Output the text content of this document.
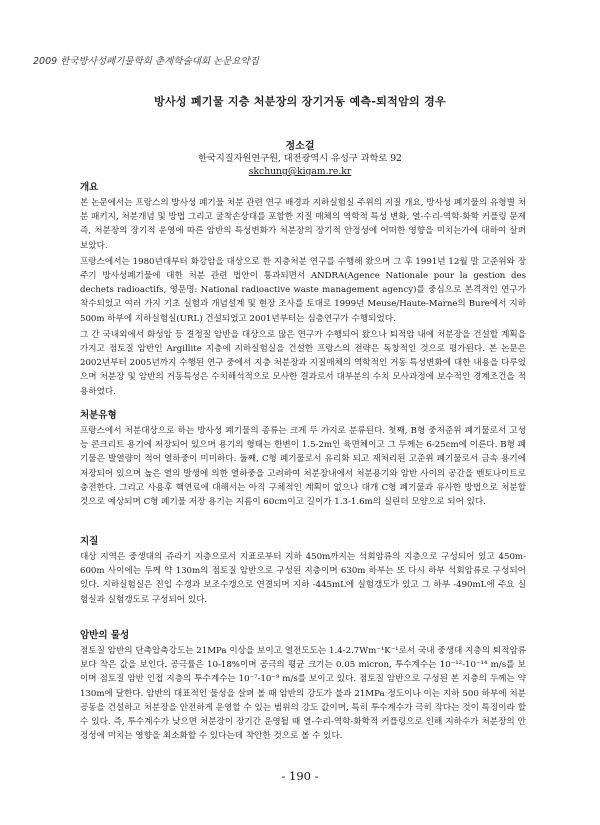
2009 한국방사성폐기물학회 춘계학술대회 논문요약집
방사성 폐기물 지층 처분장의 장기거동 예측-퇴적암의 경우
정소걸
한국지질자원연구원, 대전광역시 유성구 과학로 92
skchung@kigam.re.kr
개요

본 논문에서는 프랑스의 방사성 폐기물 처분 관련 연구 배경과 지하실험실 주위의 지질 개요, 방사성 폐기물의 유형별 처분 패키지, 처분개념 및 방법 그리고 굴착손상대를 포함한 지질 매체의 역학적 특성 변화, 열-수리-역학-화학 커플링 문제 즉, 처분장의 장기적 운영에 따른 암반의 특성변화가 처분장의 장기적 안정성에 어떠한 영향을 미치는가에 대하여 살펴보았다.

프랑스에서는 1980년대부터 화강암을 대상으로 한 지층처분 연구를 수행해 왔으며 그 후 1991년 12월 말 고준위와 장주기 방사성폐기물에 대한 처분 관련 법안이 통과되면서 ANDRA(Agence Nationale pour la gestion des dechets radioactifs, 영문명: National radioactive waste management agency)를 중심으로 본격적인 연구가 착수되었고 여러 가지 기초 실험과 개념설계 및 현장 조사를 토대로 1999년 Meuse/Haute-Marne의 Bure에서 지하 500m 하부에 지하실험실(URL) 건설되었고 2001년부터는 심층연구가 수행되었다.

그 간 국내외에서 화성암 등 결정질 암반을 대상으로 많은 연구가 수행되어 왔으나 퇴적암 내에 처분장을 건설할 계획을 가지고 점토질 암반인 Argillite 지층에 지하실험실을 건설한 프랑스의 전략은 독창적인 것으로 평가된다. 본 논문은 2002년부터 2005년까지 수행된 연구 중에서 지층 처분장과 지질매체의 역학적인 거동 특성변화에 대한 내용을 다루었으며 처분장 및 암반의 거동특성은 수치해석적으로 모사한 결과로서 대부분의 수치 모사과정에 보수적인 경계조건을 적용하였다.

처분유형

프랑스에서 처분대상으로 하는 방사성 폐기물의 종류는 크게 두 가지로 분류된다. 첫째, B형 중저준위 폐기물로서 고성능 콘크리트 용기에 저장되어 있으며 용기의 형태는 한변이 1.5-2m인 육면체이고 그 두께는 6-25cm에 이른다. B형 폐기물은 발열량이 적어 열하중이 미미하다. 둘째, C형 폐기물로서 유리화 되고 재처리된 고준위 폐기물로서 금속 용기에 저장되어 있으며 높은 열의 발생에 의한 열하중을 고려하여 처분장내에서 처분용기와 암반 사이의 공간을 벤토나이트로 충전한다. 그리고 사용후 핵연료에 대해서는 아직 구체적인 계획이 없으나 대개 C형 폐기물과 유사한 방법으로 처분할 것으로 예상되며 C형 폐기물 저장 용기는 지름이 60cm이고 길이가 1.3-1.6m의 실린더 모양으로 되어 있다.

지질

대상 지역은 중생대의 쥬라기 지층으로서 지표로부터 지하 450m까지는 석회암류의 지층으로 구성되어 있고 450m-600m 사이에는 두께 약 130m의 점토질 암반으로 구성된 지층이며 630m 하부는 또 다시 하부 석회암류로 구성되어 있다. 지하실험실은 진입 수갱과 보조수갱으로 연결되며 지하 -445mL에 실험갱도가 있고 그 하부 -490mL에 주요 실험실과 실험갱도로 구성되어 있다.

암반의 물성

점토질 암반의 단축압축강도는 21MPa 이상을 보이고 열전도도는 1.4-2.7Wm⁻¹K⁻¹로서 국내 중생대 지층의 퇴적암류 보다 작은 값을 보인다. 공극률은 10-18%이며 공극의 평균 크기는 0.05 micron, 투수계수는 10⁻¹²-10⁻¹⁴ m/s를 보이며 점토질 암반 인접 지층의 투수계수는 10⁻⁷-10⁻⁹ m/s를 보이고 있다. 점토질 암반으로 구성된 본 지층의 두께는 약 130m에 달한다. 암반의 대표적인 물성을 살펴 볼 때 암반의 강도가 불과 21MPa 정도이나 이는 지하 500 하부에 처분 공동을 건설하고 처분장을 안전하게 운영할 수 있는 범위의 강도 값이며, 특히 투수계수가 극히 작다는 것이 특징이라 할 수 있다. 즉, 투수계수가 낮으면 처분장이 장기간 운영될 때 열-수리-역학-화학적 커플링으로 인해 지하수가 처분장의 안정성에 미치는 영향을 최소화할 수 있다는데 착안한 것으로 볼 수 있다.

- 190 -
